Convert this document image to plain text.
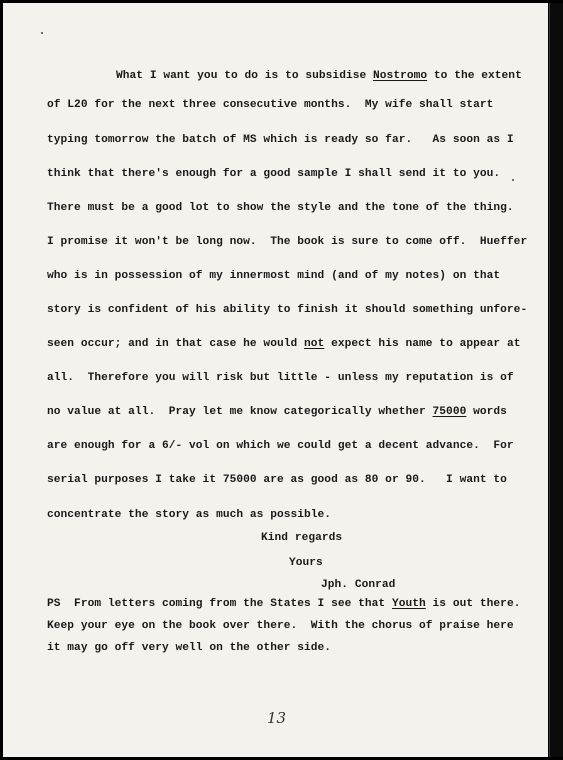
What I want you to do is to subsidise Nostromo to the extent
of L20 for the next three consecutive months.  My wife shall start
typing tomorrow the batch of MS which is ready so far.   As soon as I
think that there's enough for a good sample I shall send it to you.
There must be a good lot to show the style and the tone of the thing.
I promise it won't be long now.  The book is sure to come off.  Hueffer
who is in possession of my innermost mind (and of my notes) on that
story is confident of his ability to finish it should something unfore-
seen occur; and in that case he would not expect his name to appear at
all.  Therefore you will risk but little - unless my reputation is of
no value at all.  Pray let me know categorically whether 75000 words
are enough for a 6/- vol on which we could get a decent advance.  For
serial purposes I take it 75000 are as good as 80 or 90.   I want to
concentrate the story as much as possible.
Kind regards
Yours
Jph. Conrad
PS  From letters coming from the States I see that Youth is out there.
Keep your eye on the book over there.  With the chorus of praise here
it may go off very well on the other side.
13
